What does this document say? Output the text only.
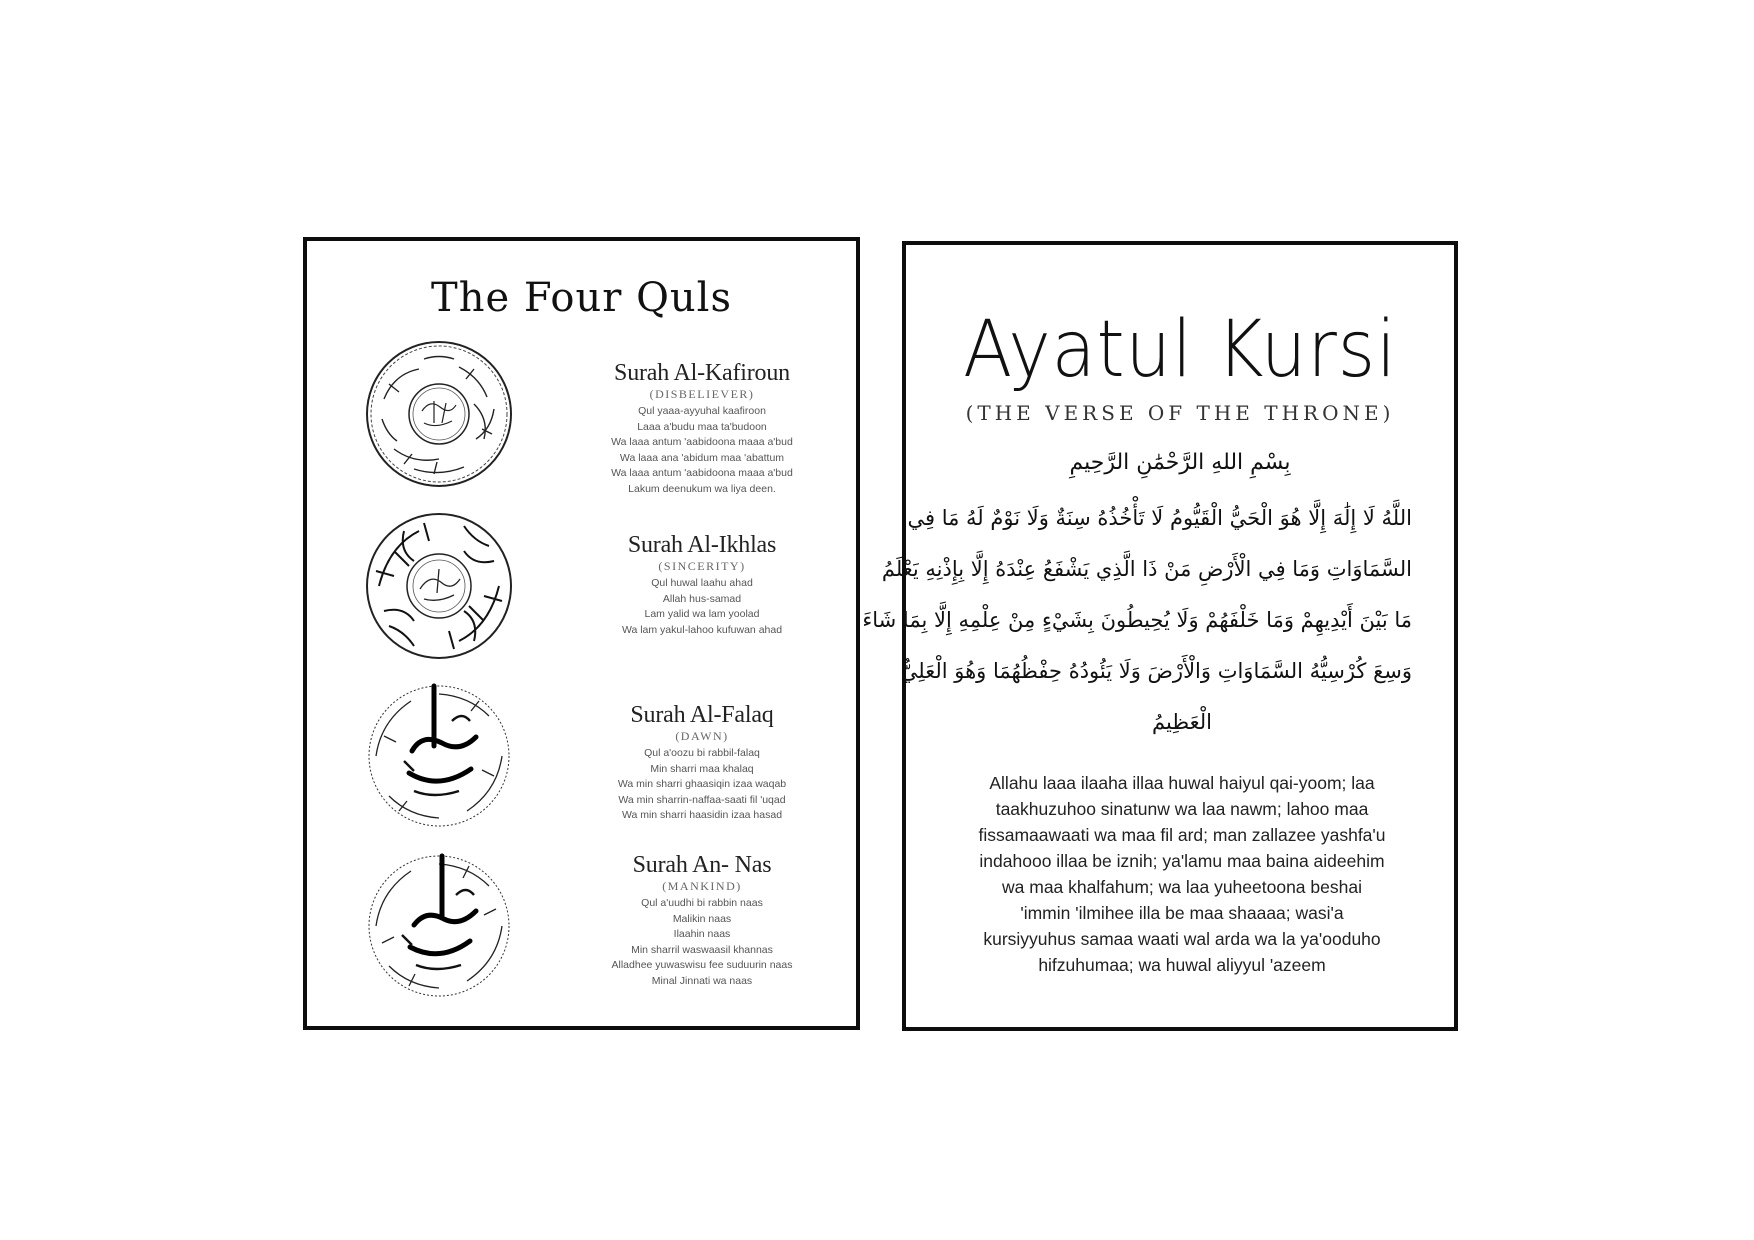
The Four Quls
Surah Al-Kafiroun
(DISBELIEVER)
Qul yaaa-ayyuhal kaafiroon
Laaa a'budu maa ta'budoon
Wa laaa antum 'aabidoona maaa a'bud
Wa laaa ana 'abidum maa 'abattum
Wa laaa antum 'aabidoona maaa a'bud
Lakum deenukum wa liya deen.
Surah Al-Ikhlas
(SINCERITY)
Qul huwal laahu ahad
Allah hus-samad
Lam yalid wa lam yoolad
Wa lam yakul-lahoo kufuwan ahad
Surah Al-Falaq
(DAWN)
Qul a'oozu bi rabbil-falaq
Min sharri maa khalaq
Wa min sharri ghaasiqin izaa waqab
Wa min sharrin-naffaa-saati fil 'uqad
Wa min sharri haasidin izaa hasad
Surah An- Nas
(MANKIND)
Qul a'uudhi bi rabbin naas
Malikin naas
Ilaahin naas
Min sharril waswaasil khannas
Alladhee yuwaswisu fee suduurin naas
Minal Jinnati wa naas
Ayatul Kursi
(THE VERSE OF THE THRONE)
بِسْمِ اللهِ الرَّحْمَٰنِ الرَّحِيمِ
اللَّهُ لَا إِلَٰهَ إِلَّا هُوَ الْحَيُّ الْقَيُّومُ لَا تَأْخُذُهُ سِنَةٌ وَلَا نَوْمٌ لَهُ مَا فِي
السَّمَاوَاتِ وَمَا فِي الْأَرْضِ مَنْ ذَا الَّذِي يَشْفَعُ عِنْدَهُ إِلَّا بِإِذْنِهِ يَعْلَمُ
مَا بَيْنَ أَيْدِيهِمْ وَمَا خَلْفَهُمْ وَلَا يُحِيطُونَ بِشَيْءٍ مِنْ عِلْمِهِ إِلَّا بِمَا شَاءَ
وَسِعَ كُرْسِيُّهُ السَّمَاوَاتِ وَالْأَرْضَ وَلَا يَئُودُهُ حِفْظُهُمَا وَهُوَ الْعَلِيُّ
الْعَظِيمُ
Allahu laaa ilaaha illaa huwal haiyul qai-yoom; laa
taakhuzuhoo sinatunw wa laa nawm; lahoo maa
fissamaawaati wa maa fil ard; man zallazee yashfa'u
indahooo illaa be iznih; ya'lamu maa baina aideehim
wa maa khalfahum; wa laa yuheetoona beshai
'immin 'ilmihee illa be maa shaaaa; wasi'a
kursiyyuhus samaa waati wal arda wa la ya'ooduho
hifzuhumaa; wa huwal aliyyul 'azeem
